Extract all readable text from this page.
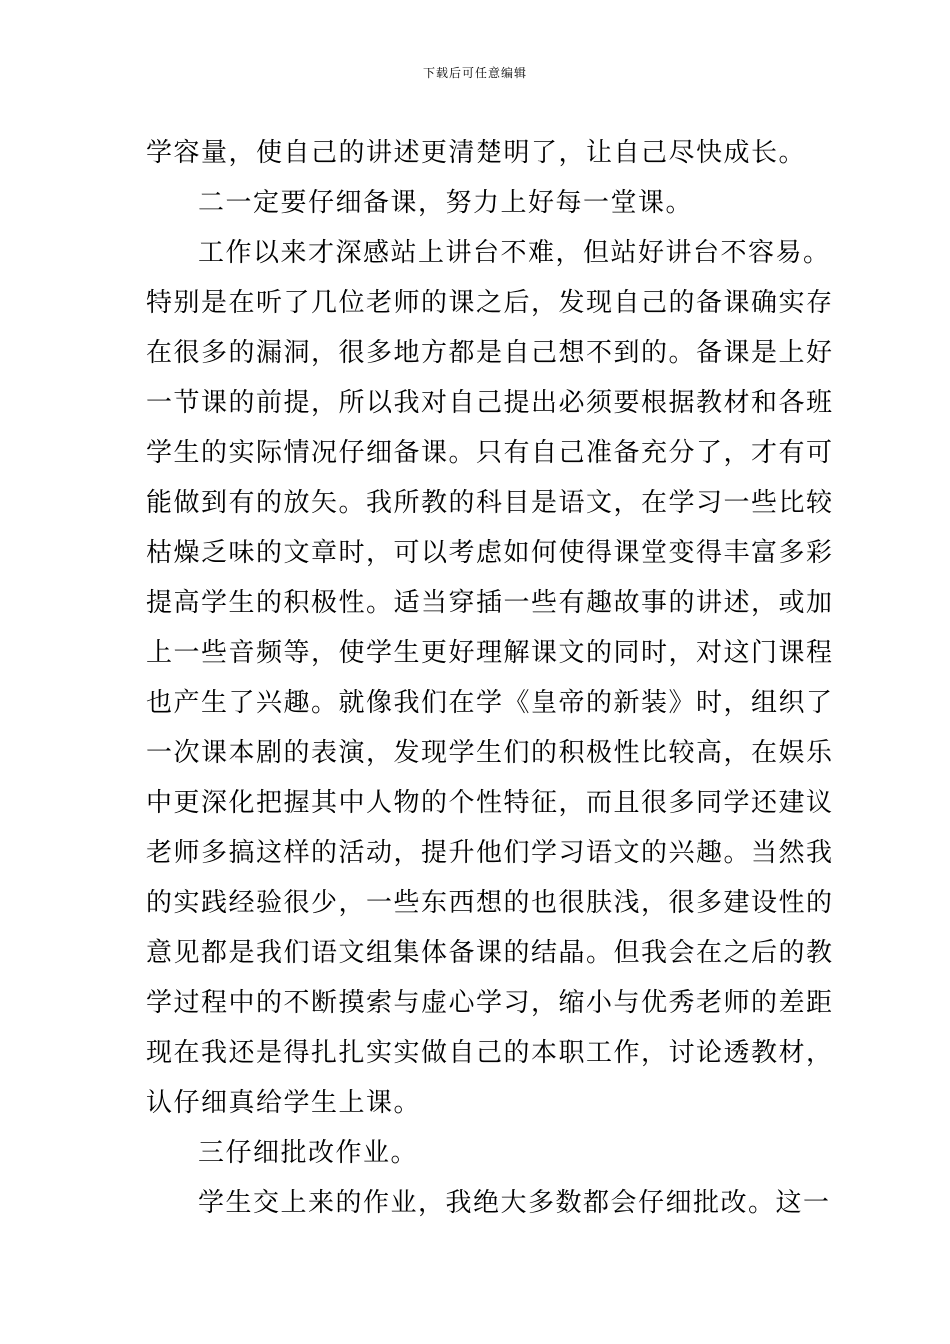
下载后可任意编辑
学容量，使自己的讲述更清楚明了，让自己尽快成长。
二一定要仔细备课，努力上好每一堂课。
工作以来才深感站上讲台不难，但站好讲台不容易。
特别是在听了几位老师的课之后，发现自己的备课确实存
在很多的漏洞，很多地方都是自己想不到的。备课是上好
一节课的前提，所以我对自己提出必须要根据教材和各班
学生的实际情况仔细备课。只有自己准备充分了，才有可
能做到有的放矢。我所教的科目是语文，在学习一些比较
枯燥乏味的文章时，可以考虑如何使得课堂变得丰富多彩
提高学生的积极性。适当穿插一些有趣故事的讲述，或加
上一些音频等，使学生更好理解课文的同时，对这门课程
也产生了兴趣。就像我们在学《皇帝的新装》时，组织了
一次课本剧的表演，发现学生们的积极性比较高，在娱乐
中更深化把握其中人物的个性特征，而且很多同学还建议
老师多搞这样的活动，提升他们学习语文的兴趣。当然我
的实践经验很少，一些东西想的也很肤浅，很多建设性的
意见都是我们语文组集体备课的结晶。但我会在之后的教
学过程中的不断摸索与虚心学习，缩小与优秀老师的差距
现在我还是得扎扎实实做自己的本职工作，讨论透教材，
认仔细真给学生上课。
三仔细批改作业。
学生交上来的作业，我绝大多数都会仔细批改。这一
